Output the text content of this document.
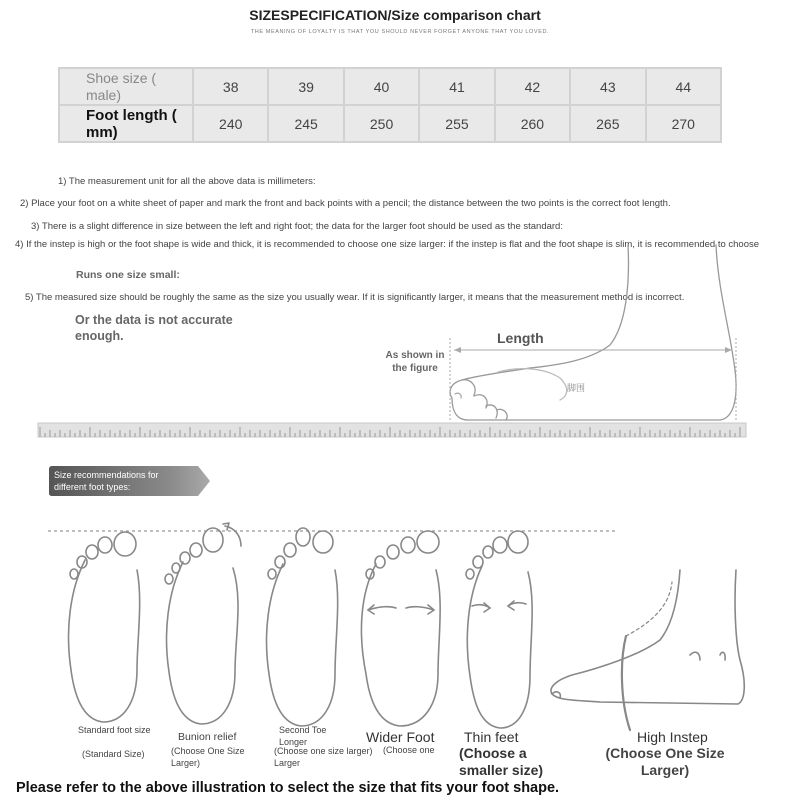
SIZESPECIFICATION/Size comparison chart
THE MEANING OF LOYALTY IS THAT YOU SHOULD NEVER FORGET ANYONE THAT YOU LOVED.
Shoe size ( male)	38	39	40	41	42	43	44
Foot length ( mm)	240	245	250	255	260	265	270
1) The measurement unit for all the above data is millimeters:
2) Place your foot on a white sheet of paper and mark the front and back points with a pencil; the distance between the two points is the correct foot length.
3) There is a slight difference in size between the left and right foot; the data for the larger foot should be used as the standard:
4) If the instep is high or the foot shape is wide and thick, it is recommended to choose one size larger: if the instep is flat and the foot shape is slim, it is recommended to choose
Runs one size small:
5) The measured size should be roughly the same as the size you usually wear. If it is significantly larger, it means that the measurement method is incorrect.
Or the data is not accurate enough.
脚围
Length
As shown in the figure
Size recommendations for different foot types:
Standard foot size
(Standard Size)
Bunion relief
(Choose One Size Larger)
Second Toe Longer
(Choose one size larger) Larger
Wider Foot
(Choose one
Thin feet
(Choose a smaller size)
High Instep
(Choose One Size Larger)
Please refer to the above illustration to select the size that fits your foot shape.
